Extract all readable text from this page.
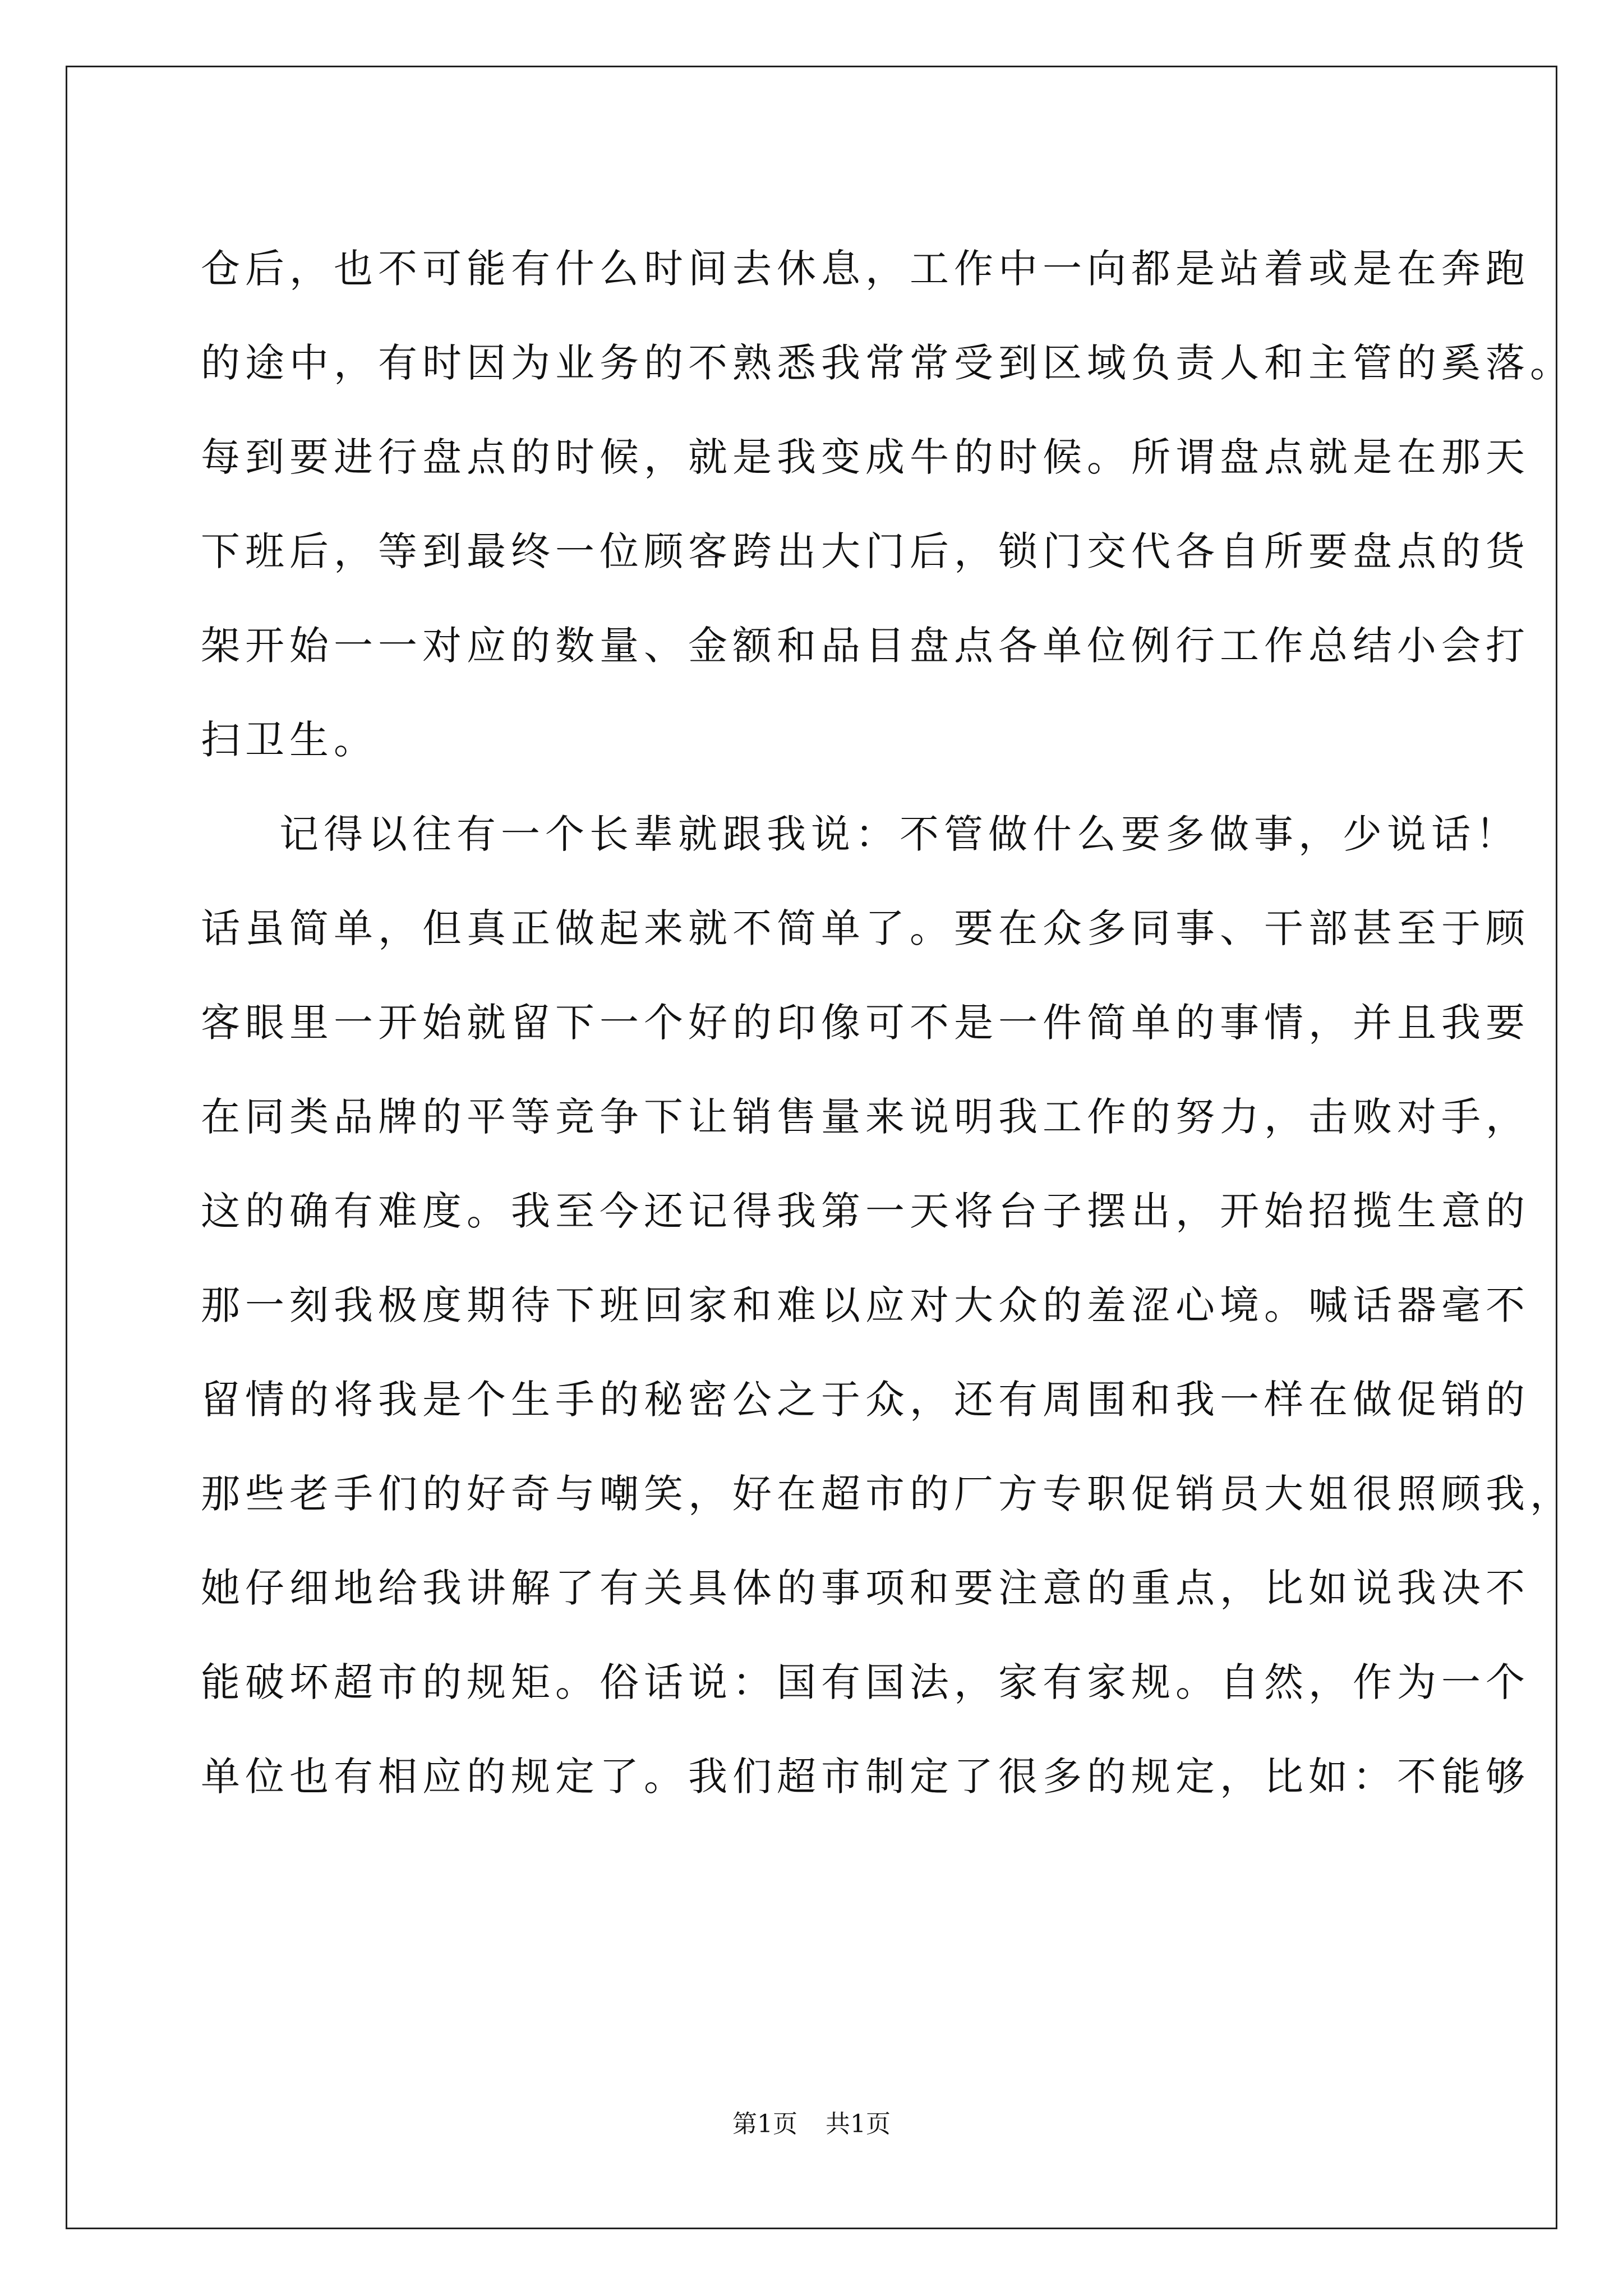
仓后，也不可能有什么时间去休息，工作中一向都是站着或是在奔跑
的途中，有时因为业务的不熟悉我常常受到区域负责人和主管的奚落。
每到要进行盘点的时候，就是我变成牛的时候。所谓盘点就是在那天
下班后，等到最终一位顾客跨出大门后，锁门交代各自所要盘点的货
架开始一一对应的数量、金额和品目盘点各单位例行工作总结小会打
扫卫生。
记得以往有一个长辈就跟我说：不管做什么要多做事，少说话！
话虽简单，但真正做起来就不简单了。要在众多同事、干部甚至于顾
客眼里一开始就留下一个好的印像可不是一件简单的事情，并且我要
在同类品牌的平等竞争下让销售量来说明我工作的努力，击败对手，
这的确有难度。我至今还记得我第一天将台子摆出，开始招揽生意的
那一刻我极度期待下班回家和难以应对大众的羞涩心境。喊话器毫不
留情的将我是个生手的秘密公之于众，还有周围和我一样在做促销的
那些老手们的好奇与嘲笑，好在超市的厂方专职促销员大姐很照顾我，
她仔细地给我讲解了有关具体的事项和要注意的重点，比如说我决不
能破坏超市的规矩。俗话说：国有国法，家有家规。自然，作为一个
单位也有相应的规定了。我们超市制定了很多的规定，比如：不能够
第1页 共1页
